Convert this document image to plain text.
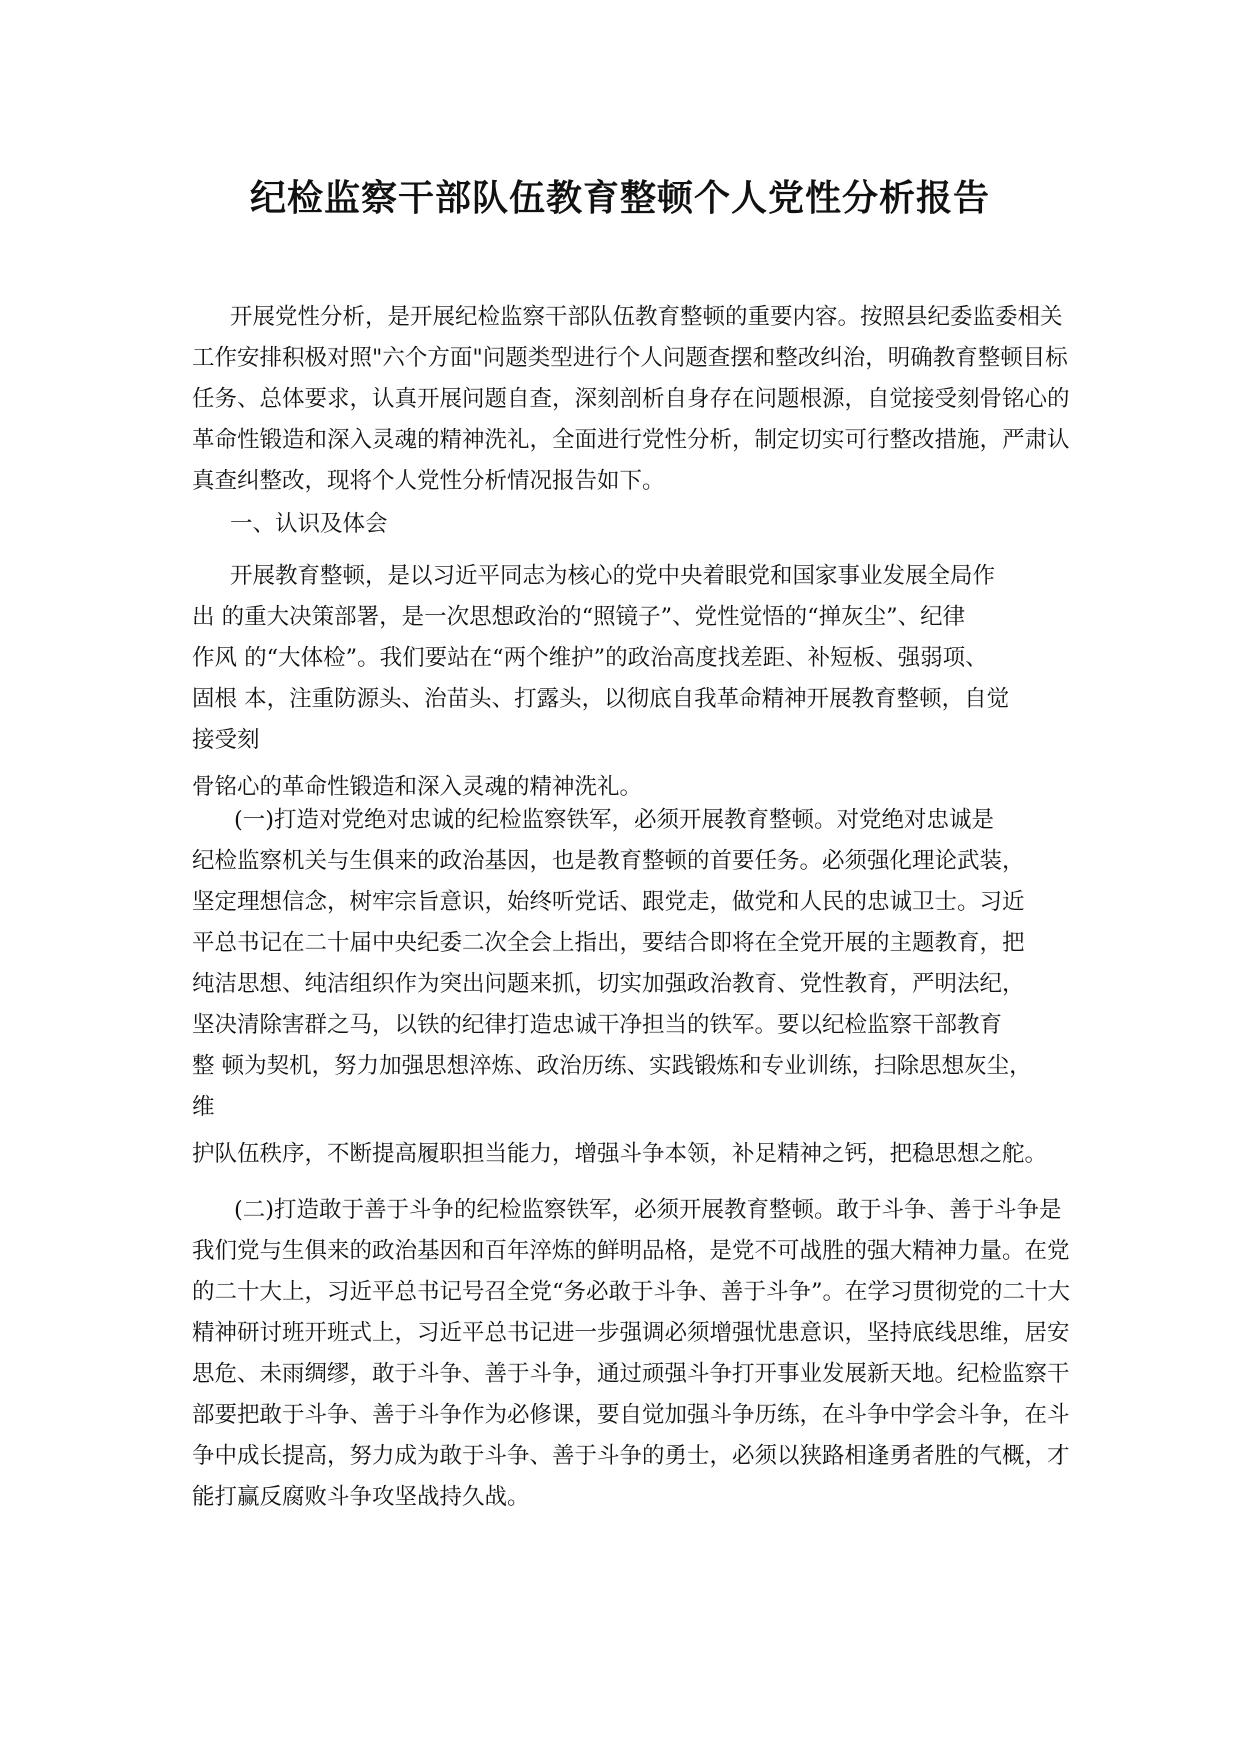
纪检监察干部队伍教育整顿个人党性分析报告

开展党性分析，是开展纪检监察干部队伍教育整顿的重要内容。按照县纪委监委相关工作安排积极对照"六个方面"问题类型进行个人问题查摆和整改纠治，明确教育整顿目标任务、总体要求，认真开展问题自查，深刻剖析自身存在问题根源，自觉接受刻骨铭心的革命性锻造和深入灵魂的精神洗礼，全面进行党性分析，制定切实可行整改措施，严肃认真查纠整改，现将个人党性分析情况报告如下。

一、认识及体会

开展教育整顿，是以习近平同志为核心的党中央着眼党和国家事业发展全局作
出 的重大决策部署，是一次思想政治的“照镜子”、党性觉悟的“掸灰尘”、纪律
作风 的“大体检”。我们要站在“两个维护”的政治高度找差距、补短板、强弱项、
固根 本，注重防源头、治苗头、打露头，以彻底自我革命精神开展教育整顿，自觉
接受刻
骨铭心的革命性锻造和深入灵魂的精神洗礼。
(一)打造对党绝对忠诚的纪检监察铁军，必须开展教育整顿。对党绝对忠诚是
纪检监察机关与生俱来的政治基因，也是教育整顿的首要任务。必须强化理论武装，
坚定理想信念，树牢宗旨意识，始终听党话、跟党走，做党和人民的忠诚卫士。习近
平总书记在二十届中央纪委二次全会上指出，要结合即将在全党开展的主题教育，把
纯洁思想、纯洁组织作为突出问题来抓，切实加强政治教育、党性教育，严明法纪，
坚决清除害群之马，以铁的纪律打造忠诚干净担当的铁军。要以纪检监察干部教育
整 顿为契机，努力加强思想淬炼、政治历练、实践锻炼和专业训练，扫除思想灰尘，
维
护队伍秩序，不断提高履职担当能力，增强斗争本领，补足精神之钙，把稳思想之舵。

(二)打造敢于善于斗争的纪检监察铁军，必须开展教育整顿。敢于斗争、善于斗争是我们党与生俱来的政治基因和百年淬炼的鲜明品格，是党不可战胜的强大精神力量。在党的二十大上，习近平总书记号召全党“务必敢于斗争、善于斗争”。在学习贯彻党的二十大精神研讨班开班式上，习近平总书记进一步强调必须增强忧患意识，坚持底线思维，居安思危、未雨绸缪，敢于斗争、善于斗争，通过顽强斗争打开事业发展新天地。纪检监察干部要把敢于斗争、善于斗争作为必修课，要自觉加强斗争历练，在斗争中学会斗争，在斗争中成长提高，努力成为敢于斗争、善于斗争的勇士，必须以狭路相逢勇者胜的气概，才能打赢反腐败斗争攻坚战持久战。
